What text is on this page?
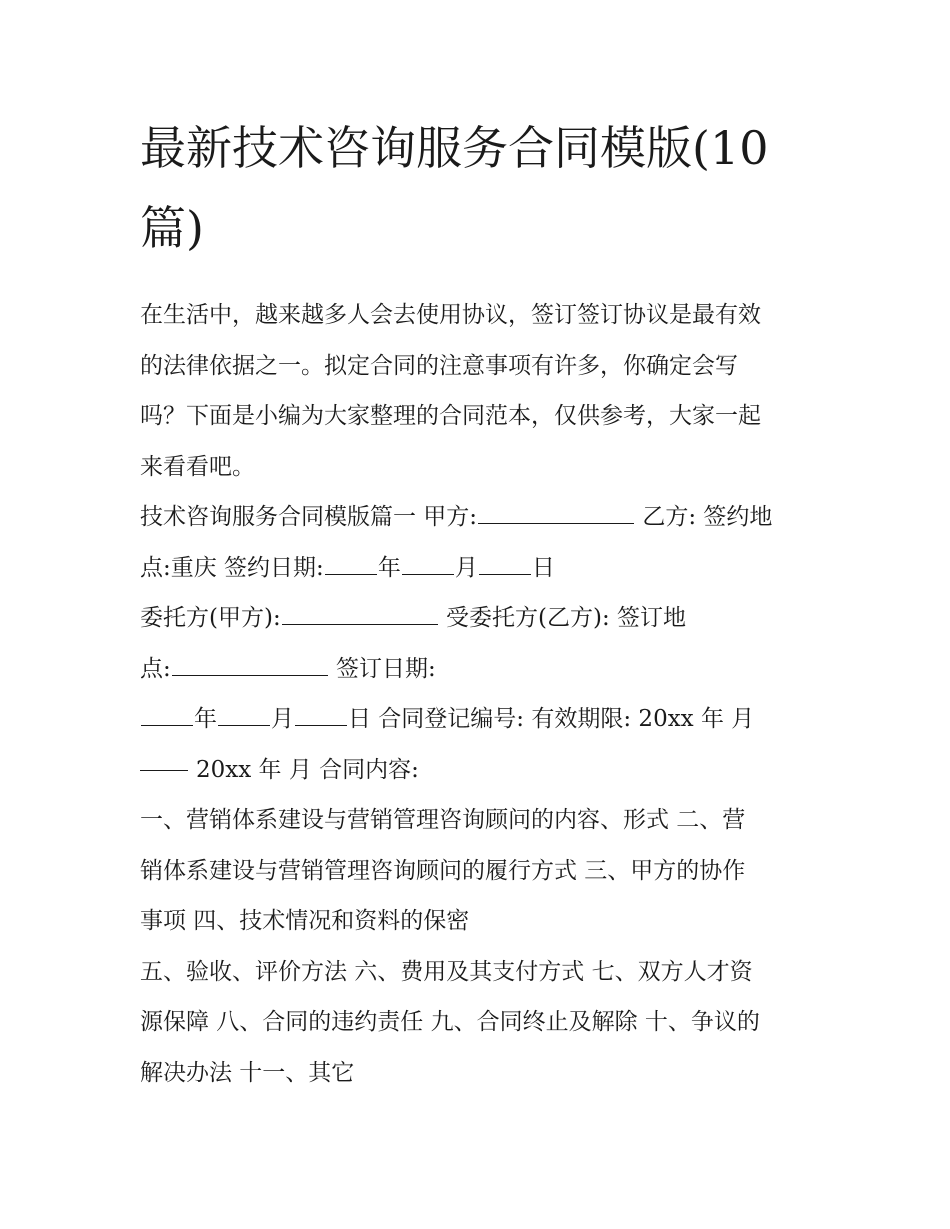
最新技术咨询服务合同模版(10
篇)

在生活中，越来越多人会去使用协议，签订签订协议是最有效
的法律依据之一。拟定合同的注意事项有许多，你确定会写
吗？下面是小编为大家整理的合同范本，仅供参考，大家一起
来看看吧。

技术咨询服务合同模版篇一 甲方:	乙方: 签约地
点:重庆 签约日期: 年 月 日

委托方(甲方):	受委托方(乙方): 签订地
点:	签订日期:
年 月 日 合同登记编号: 有效期限: 20xx 年 月
20xx 年 月 合同内容:

一、营销体系建设与营销管理咨询顾问的内容、形式 二、营
销体系建设与营销管理咨询顾问的履行方式 三、甲方的协作
事项 四、技术情况和资料的保密

五、验收、评价方法 六、费用及其支付方式 七、双方人才资
源保障 八、合同的违约责任 九、合同终止及解除 十、争议的
解决办法 十一、其它
